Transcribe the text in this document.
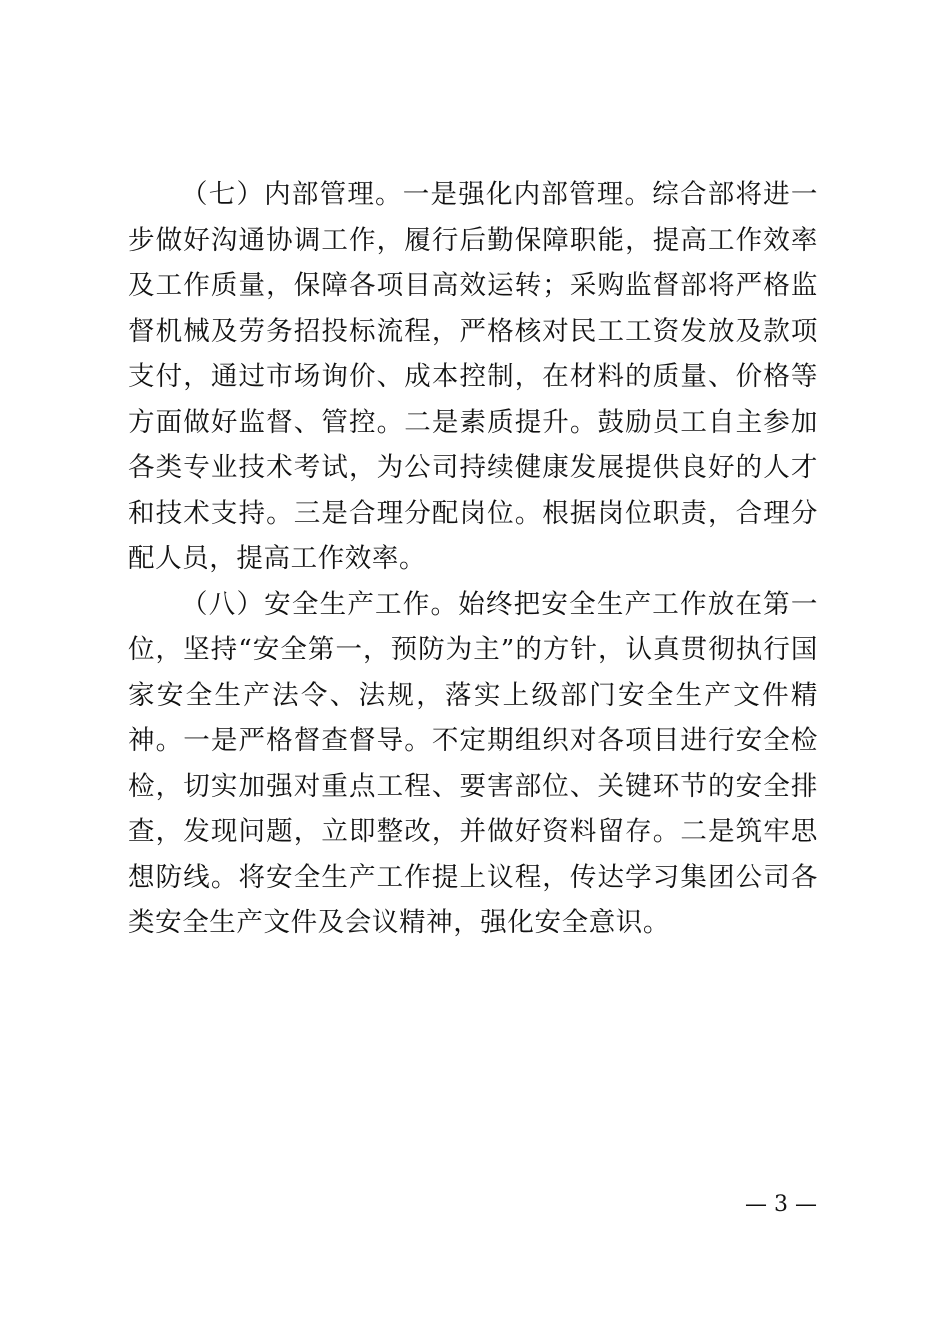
（七）内部管理。一是强化内部管理。综合部将进一步做好沟通协调工作，履行后勤保障职能，提高工作效率及工作质量，保障各项目高效运转；采购监督部将严格监督机械及劳务招投标流程，严格核对民工工资发放及款项支付，通过市场询价、成本控制，在材料的质量、价格等方面做好监督、管控。二是素质提升。鼓励员工自主参加各类专业技术考试，为公司持续健康发展提供良好的人才和技术支持。三是合理分配岗位。根据岗位职责，合理分配人员，提高工作效率。

（八）安全生产工作。始终把安全生产工作放在第一位，坚持“安全第一，预防为主”的方针，认真贯彻执行国家安全生产法令、法规，落实上级部门安全生产文件精神。一是严格督查督导。不定期组织对各项目进行安全检检，切实加强对重点工程、要害部位、关键环节的安全排查，发现问题，立即整改，并做好资料留存。二是筑牢思想防线。将安全生产工作提上议程，传达学习集团公司各类安全生产文件及会议精神，强化安全意识。

— 3 —
